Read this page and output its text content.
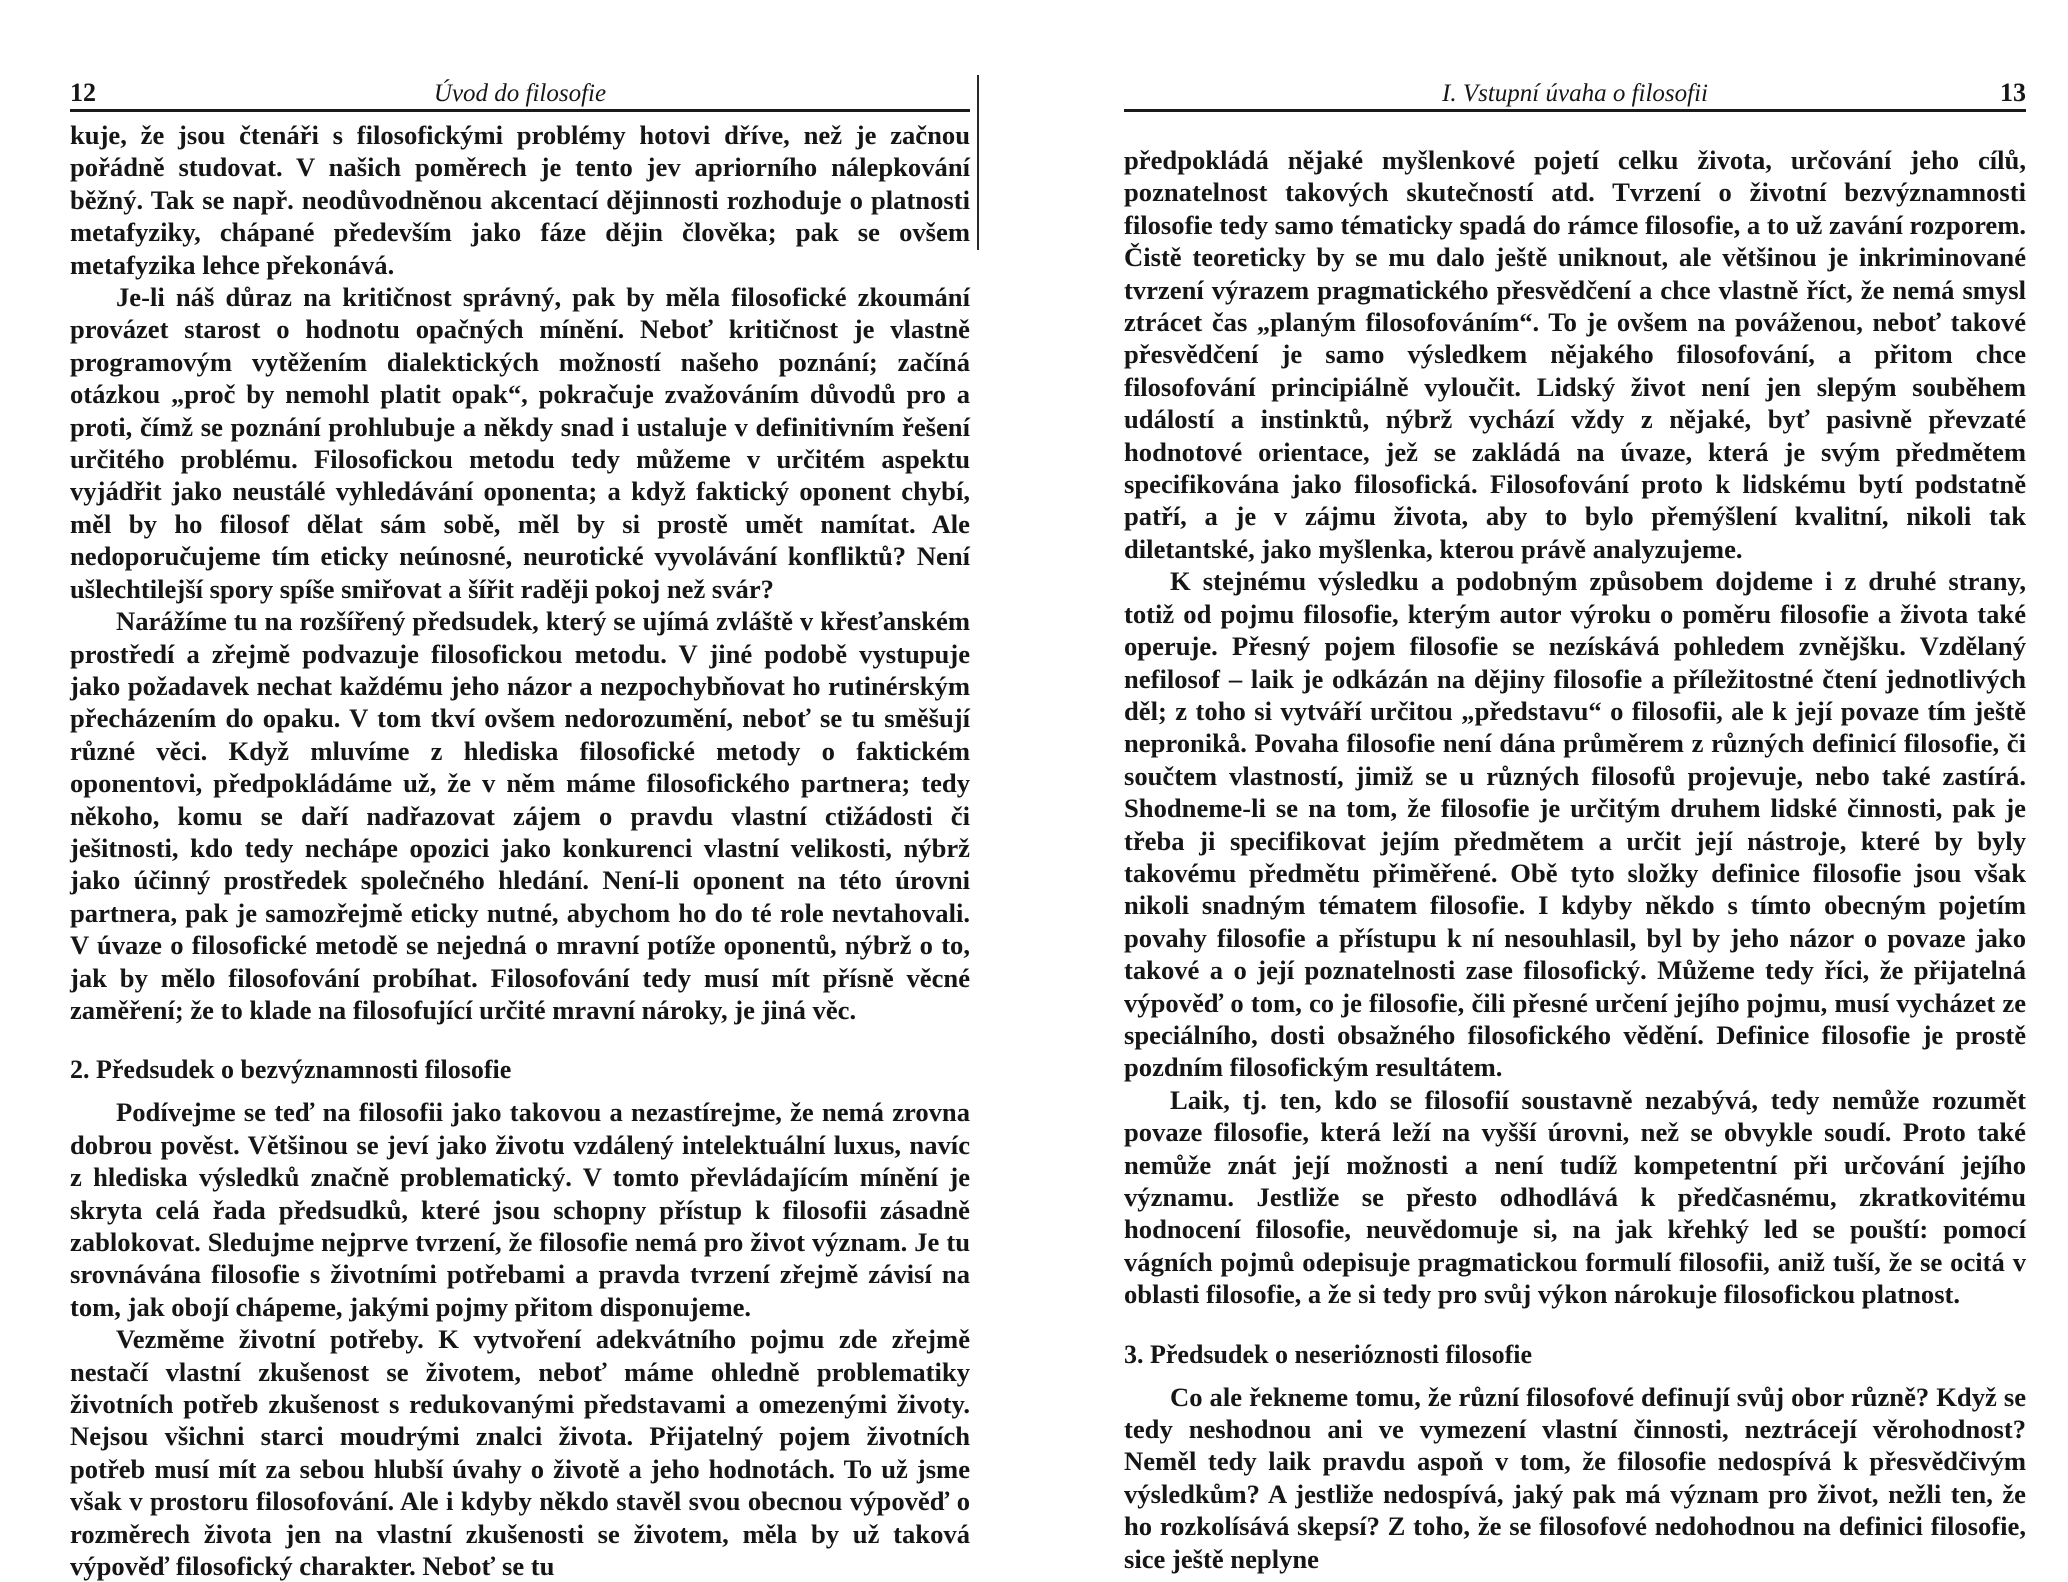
12	Úvod do filosofie

kuje, že jsou čtenáři s filosofickými problémy hotovi dříve, než je začnou pořádně studovat. V našich poměrech je tento jev apriorního nálepkování běžný. Tak se např. neodůvodněnou akcentací dějinnosti rozhoduje o platnosti metafyziky, chápané především jako fáze dějin člověka; pak se ovšem metafyzika lehce překonává.

Je-li náš důraz na kritičnost správný, pak by měla filosofické zkoumání provázet starost o hodnotu opačných mínění. Neboť kritičnost je vlastně programovým vytěžením dialektických možností našeho poznání; začíná otázkou „proč by nemohl platit opak“, pokračuje zvažováním důvodů pro a proti, čímž se poznání prohlubuje a někdy snad i ustaluje v definitivním řešení určitého problému. Filosofickou metodu tedy můžeme v určitém aspektu vyjádřit jako neustálé vyhledávání oponenta; a když faktický oponent chybí, měl by ho filosof dělat sám sobě, měl by si prostě umět namítat. Ale nedoporučujeme tím eticky neúnosné, neurotické vyvolávání konfliktů? Není ušlechtilejší spory spíše smiřovat a šířit raději pokoj než svár?

Narážíme tu na rozšířený předsudek, který se ujímá zvláště v křesťanském prostředí a zřejmě podvazuje filosofickou metodu. V jiné podobě vystupuje jako požadavek nechat každému jeho názor a nezpochybňovat ho rutinérským přecházením do opaku. V tom tkví ovšem nedorozumění, neboť se tu směšují různé věci. Když mluvíme z hlediska filosofické metody o faktickém oponentovi, předpokládáme už, že v něm máme filosofického partnera; tedy někoho, komu se daří nadřazovat zájem o pravdu vlastní ctižádosti či ješitnosti, kdo tedy nechápe opozici jako konkurenci vlastní velikosti, nýbrž jako účinný prostředek společného hledání. Není-li oponent na této úrovni partnera, pak je samozřejmě eticky nutné, abychom ho do té role nevtahovali. V úvaze o filosofické metodě se nejedná o mravní potíže oponentů, nýbrž o to, jak by mělo filosofování probíhat. Filosofování tedy musí mít přísně věcné zaměření; že to klade na filosofující určité mravní nároky, je jiná věc.

2. Předsudek o bezvýznamnosti filosofie

Podívejme se teď na filosofii jako takovou a nezastírejme, že nemá zrovna dobrou pověst. Většinou se jeví jako životu vzdálený intelektuální luxus, navíc z hlediska výsledků značně problematický. V tomto převládajícím mínění je skryta celá řada předsudků, které jsou schopny přístup k filosofii zásadně zablokovat. Sledujme nejprve tvrzení, že filosofie nemá pro život význam. Je tu srovnávána filosofie s životními potřebami a pravda tvrzení zřejmě závisí na tom, jak obojí chápeme, jakými pojmy přitom disponujeme.

Vezměme životní potřeby. K vytvoření adekvátního pojmu zde zřejmě nestačí vlastní zkušenost se životem, neboť máme ohledně problematiky životních potřeb zkušenost s redukovanými představami a omezenými životy. Nejsou všichni starci moudrými znalci života. Přijatelný pojem životních potřeb musí mít za sebou hlubší úvahy o životě a jeho hodnotách. To už jsme však v prostoru filosofování. Ale i kdyby někdo stavěl svou obecnou výpověď o rozměrech života jen na vlastní zkušenosti se životem, měla by už taková výpověď filosofický charakter. Neboť se tu

I. Vstupní úvaha o filosofii	13

předpokládá nějaké myšlenkové pojetí celku života, určování jeho cílů, poznatelnost takových skutečností atd. Tvrzení o životní bezvýznamnosti filosofie tedy samo tématicky spadá do rámce filosofie, a to už zavání rozporem. Čistě teoreticky by se mu dalo ještě uniknout, ale většinou je inkriminované tvrzení výrazem pragmatického přesvědčení a chce vlastně říct, že nemá smysl ztrácet čas „planým filosofováním“. To je ovšem na pováženou, neboť takové přesvědčení je samo výsledkem nějakého filosofování, a přitom chce filosofování principiálně vyloučit. Lidský život není jen slepým souběhem událostí a instinktů, nýbrž vychází vždy z nějaké, byť pasivně převzaté hodnotové orientace, jež se zakládá na úvaze, která je svým předmětem specifikována jako filosofická. Filosofování proto k lidskému bytí podstatně patří, a je v zájmu života, aby to bylo přemýšlení kvalitní, nikoli tak diletantské, jako myšlenka, kterou právě analyzujeme.

K stejnému výsledku a podobným způsobem dojdeme i z druhé strany, totiž od pojmu filosofie, kterým autor výroku o poměru filosofie a života také operuje. Přesný pojem filosofie se nezískává pohledem zvnějšku. Vzdělaný nefilosof – laik je odkázán na dějiny filosofie a příležitostné čtení jednotlivých děl; z toho si vytváří určitou „představu“ o filosofii, ale k její povaze tím ještě nepronikå. Povaha filosofie není dána průměrem z různých definicí filosofie, či součtem vlastností, jimiž se u různých filosofů projevuje, nebo také zastírá. Shodneme-li se na tom, že filosofie je určitým druhem lidské činnosti, pak je třeba ji specifikovat jejím předmětem a určit její nástroje, které by byly takovému předmětu přiměřené. Obě tyto složky definice filosofie jsou však nikoli snadným tématem filosofie. I kdyby někdo s tímto obecným pojetím povahy filosofie a přístupu k ní nesouhlasil, byl by jeho názor o povaze jako takové a o její poznatelnosti zase filosofický. Můžeme tedy říci, že přijatelná výpověď o tom, co je filosofie, čili přesné určení jejího pojmu, musí vycházet ze speciálního, dosti obsažného filosofického vědění. Definice filosofie je prostě pozdním filosofickým resultátem.

Laik, tj. ten, kdo se filosofií soustavně nezabývá, tedy nemůže rozumět povaze filosofie, která leží na vyšší úrovni, než se obvykle soudí. Proto také nemůže znát její možnosti a není tudíž kompetentní při určování jejího významu. Jestliže se přesto odhodlává k předčasnému, zkratkovitému hodnocení filosofie, neuvědomuje si, na jak křehký led se pouští: pomocí vágních pojmů odepisuje pragmatickou formulí filosofii, aniž tuší, že se ocitá v oblasti filosofie, a že si tedy pro svůj výkon nárokuje filosofickou platnost.

3. Předsudek o neserióznosti filosofie

Co ale řekneme tomu, že různí filosofové definují svůj obor různě? Když se tedy neshodnou ani ve vymezení vlastní činnosti, neztrácejí věrohodnost? Neměl tedy laik pravdu aspoň v tom, že filosofie nedospívá k přesvědčivým výsledkům? A jestliže nedospívá, jaký pak má význam pro život, nežli ten, že ho rozkolísává skepsí? Z toho, že se filosofové nedohodnou na definici filosofie, sice ještě neplyne
